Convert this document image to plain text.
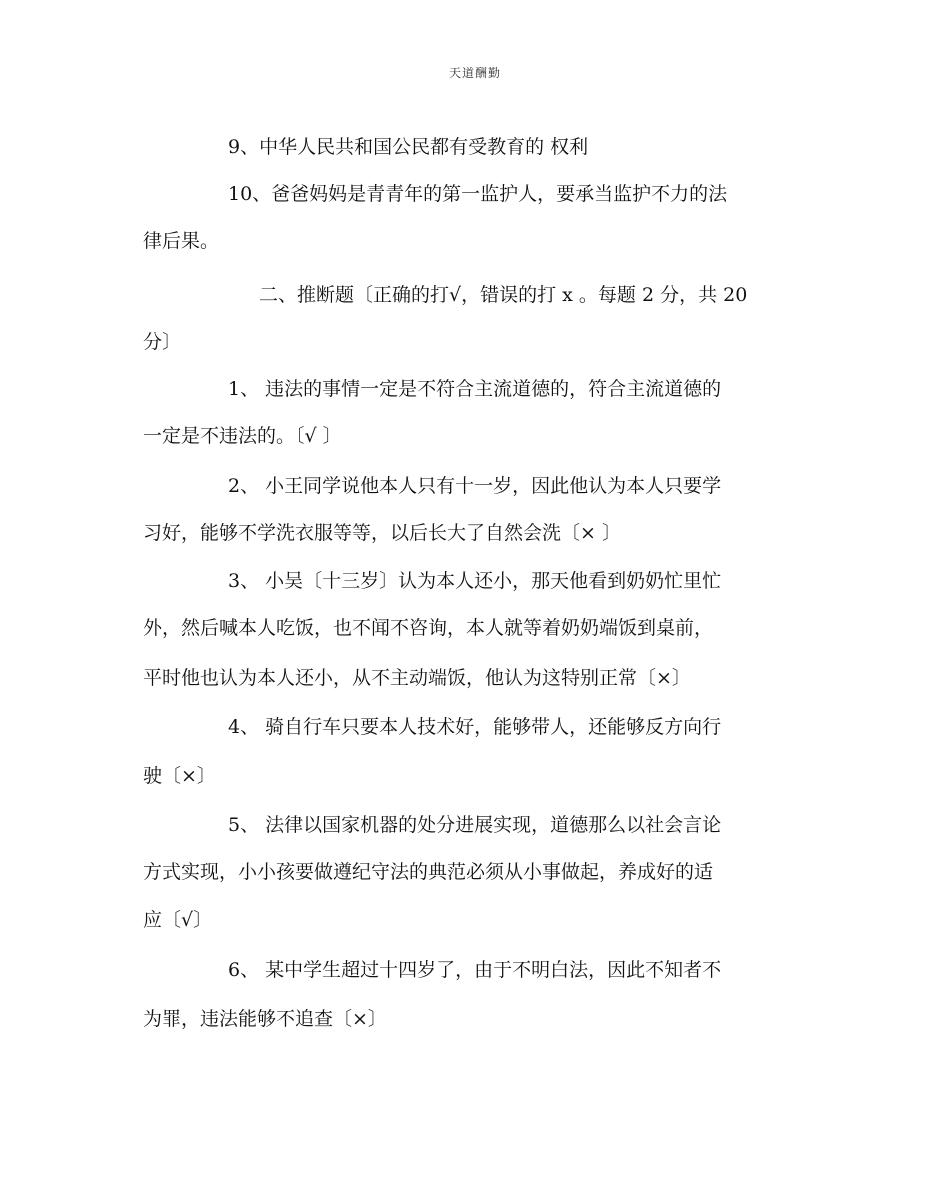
天道酬勤
9、中华人民共和国公民都有受教育的 权利
10、爸爸妈妈是青青年的第一监护人，要承当监护不力的法
律后果。
二、推断题〔正确的打√，错误的打 x 。每题 2 分，共 20
分〕
1、 违法的事情一定是不符合主流道德的，符合主流道德的
一定是不违法的。〔√ 〕
2、 小王同学说他本人只有十一岁，因此他认为本人只要学
习好，能够不学洗衣服等等，以后长大了自然会洗〔× 〕
3、 小吴〔十三岁〕认为本人还小，那天他看到奶奶忙里忙
外，然后喊本人吃饭，也不闻不咨询，本人就等着奶奶端饭到桌前，
平时他也认为本人还小，从不主动端饭，他认为这特别正常〔×〕
4、 骑自行车只要本人技术好，能够带人，还能够反方向行
驶〔×〕
5、 法律以国家机器的处分进展实现，道德那么以社会言论
方式实现，小小孩要做遵纪守法的典范必须从小事做起，养成好的适
应〔√〕
6、 某中学生超过十四岁了，由于不明白法，因此不知者不
为罪，违法能够不追查〔×〕
